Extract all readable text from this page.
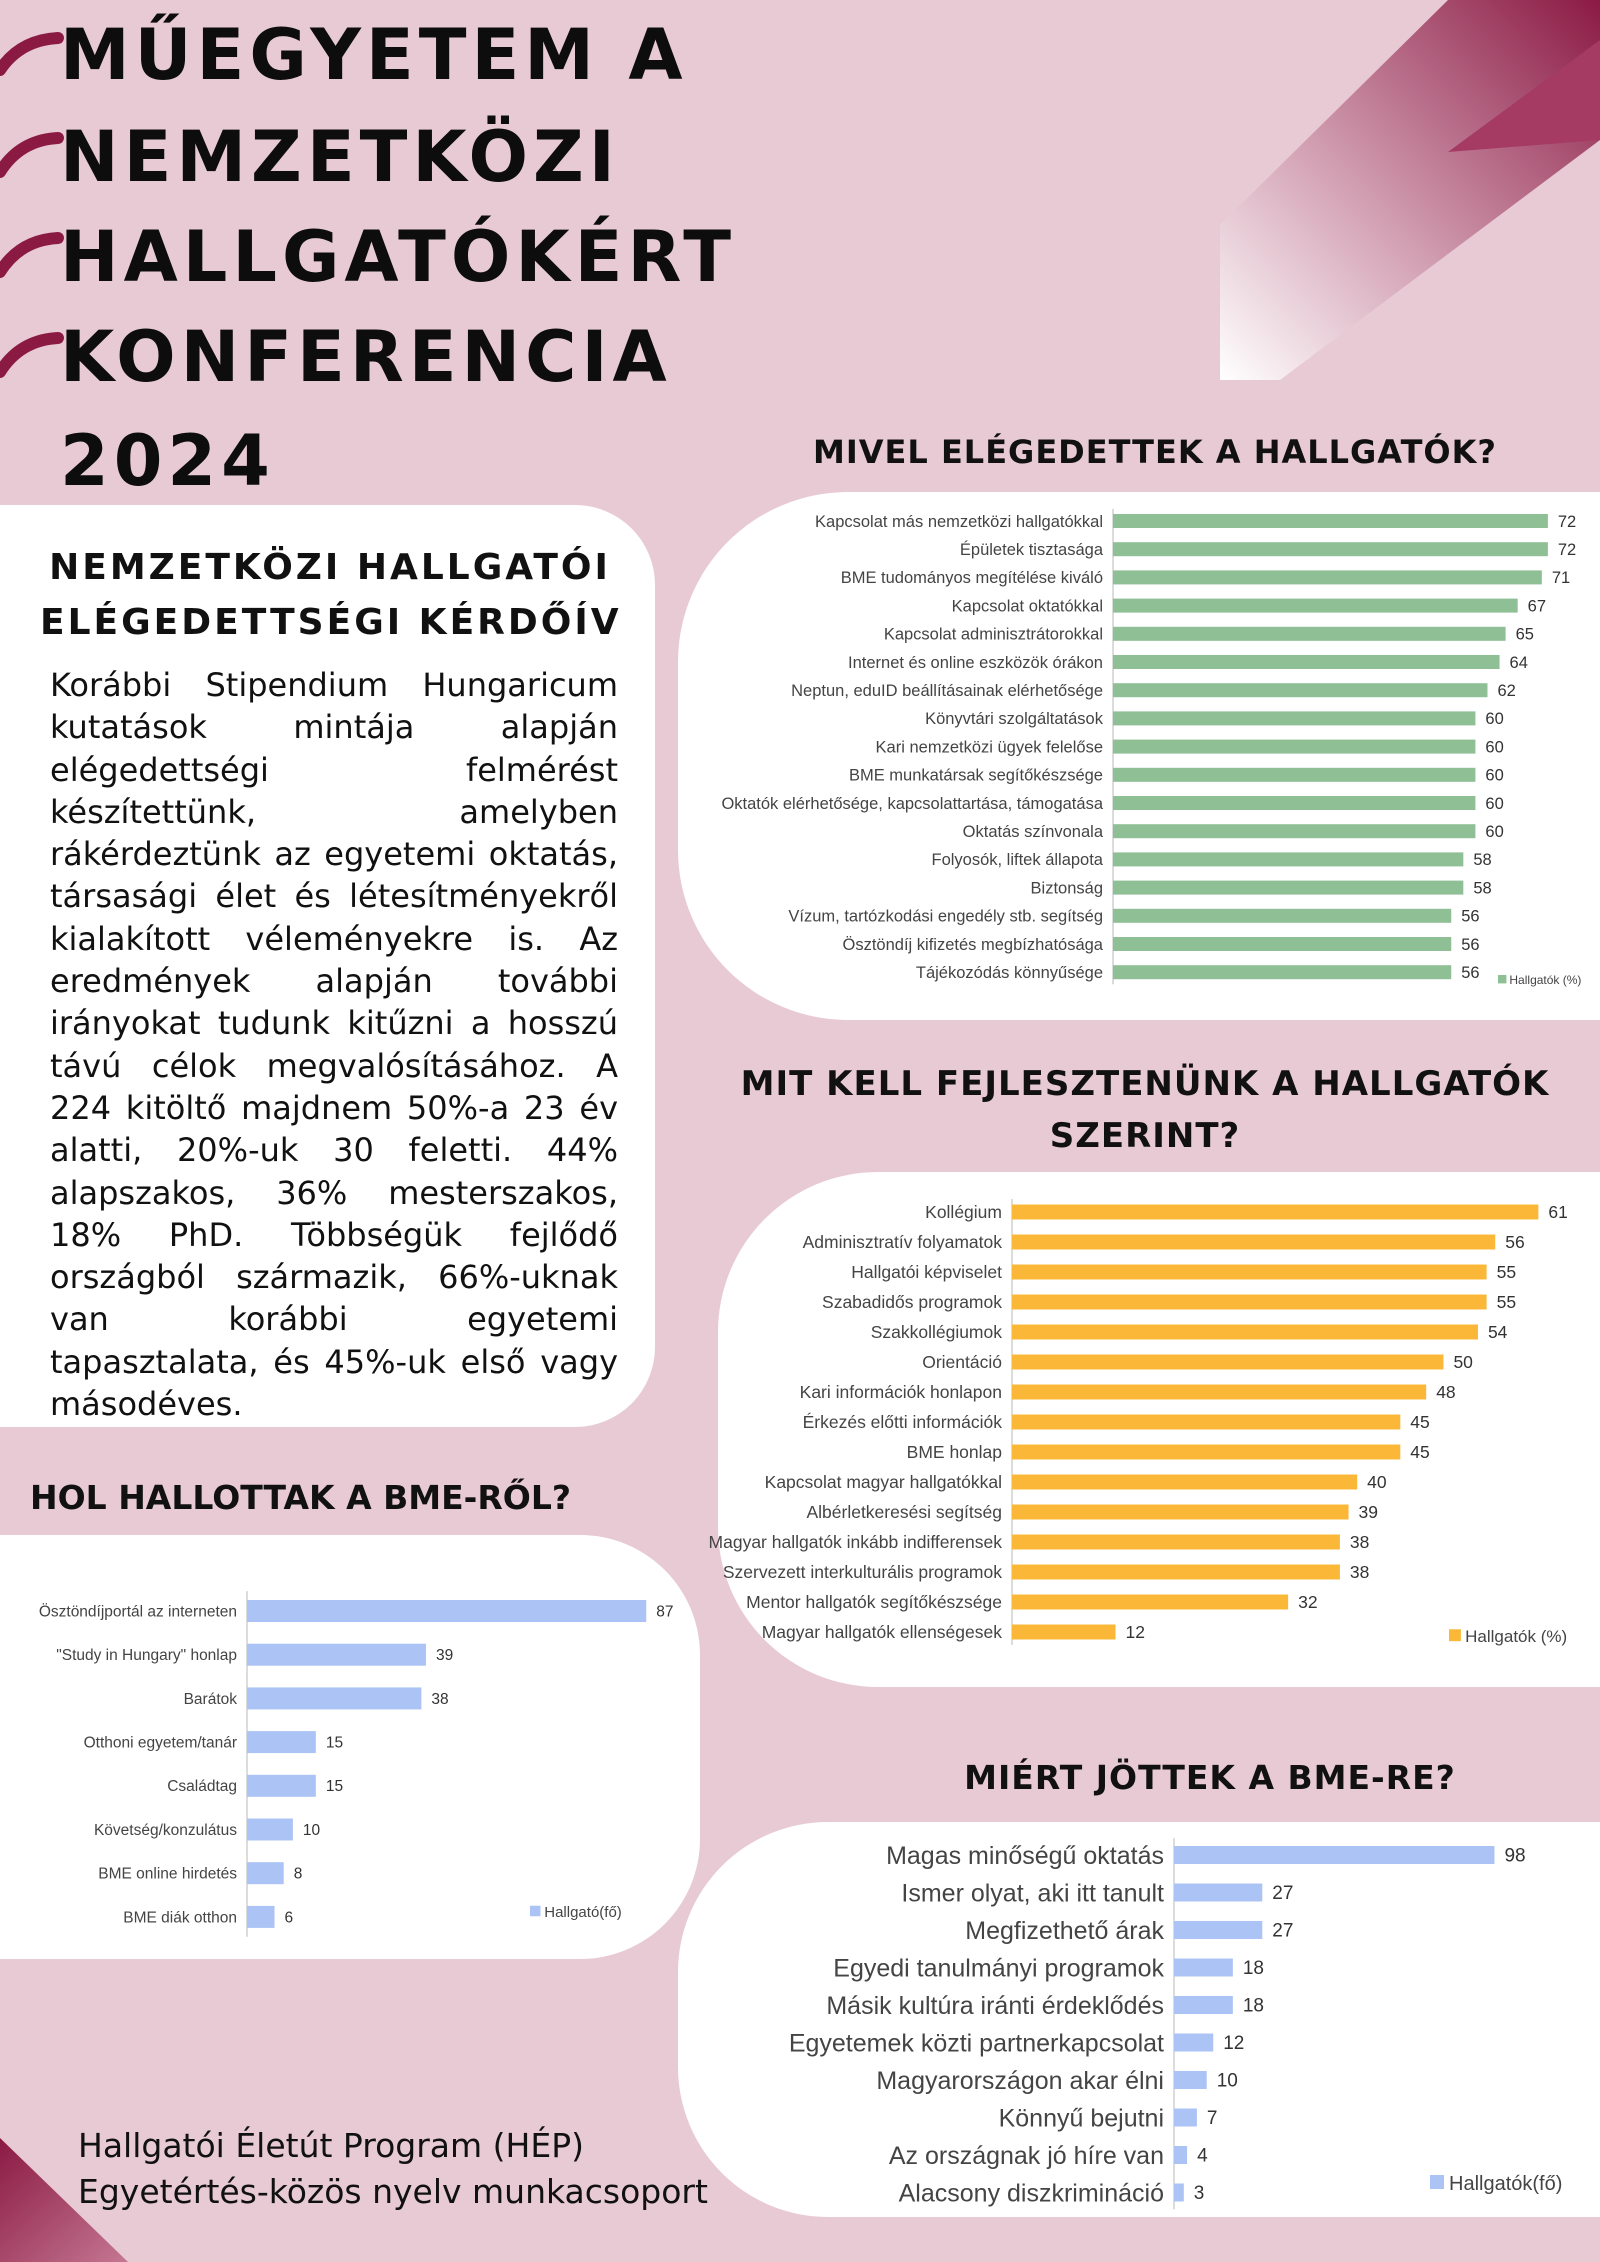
MŰEGYETEM A
NEMZETKÖZI
HALLGATÓKÉRT
KONFERENCIA
2024
NEMZETKÖZI HALLGATÓI
ELÉGEDETTSÉGI KÉRDŐÍV
Korábbi Stipendium Hungaricum kutatások mintája alapján elégedettségi felmérést készítettünk, amelyben rákérdeztünk az egyetemi oktatás, társasági élet és létesítményekről kialakított véleményekre is. Az eredmények alapján további irányokat tudunk kitűzni a hosszú távú célok megvalósításához. A 224 kitöltő majdnem 50%-a 23 év alatti, 20%-uk 30 feletti. 44% alapszakos, 36% mesterszakos, 18% PhD. Többségük fejlődő országból származik, 66%-uknak van korábbi egyetemi tapasztalata, és 45%-uk első vagy másodéves.
MIVEL ELÉGEDETTEK A HALLGATÓK?
MIT KELL FEJLESZTENÜNK A HALLGATÓK
SZERINT?
HOL HALLOTTAK A BME-RŐL?
MIÉRT JÖTTEK A BME-RE?
Kapcsolat más nemzetközi hallgatókkal	72
Épületek tisztasága	72
BME tudományos megítélése kiváló	71
Kapcsolat oktatókkal	67
Kapcsolat adminisztrátorokkal	65
Internet és online eszközök órákon	64
Neptun, eduID beállításainak elérhetősége	62
Könyvtári szolgáltatások	60
Kari nemzetközi ügyek felelőse	60
BME munkatársak segítőkészsége	60
Oktatók elérhetősége, kapcsolattartása, támogatása	60
Oktatás színvonala	60
Folyosók, liftek állapota	58
Biztonság	58
Vízum, tartózkodási engedély stb. segítség	56
Ösztöndíj kifizetés megbízhatósága	56
Tájékozódás könnyűsége	56 Hallgatók (%)
Kollégium	61
Adminisztratív folyamatok	56
Hallgatói képviselet	55
Szabadidős programok	55
Szakkollégiumok	54
Orientáció	50
Kari információk honlapon	48
Érkezés előtti információk	45
BME honlap	45
Kapcsolat magyar hallgatókkal	40
Albérletkeresési segítség	39
Magyar hallgatók inkább indifferensek	38
Szervezett interkulturális programok	38
Mentor hallgatók segítőkészsége	32
Magyar hallgatók ellenségesek	12	Hallgatók (%)
Ösztöndíjportál az interneten	87
"Study in Hungary" honlap	39
Barátok	38
Otthoni egyetem/tanár	15
Családtag	15
Követség/konzulátus	10
BME online hirdetés	8
BME diák otthon	6	Hallgató(fő)
Magas minőségű oktatás	98
Ismer olyat, aki itt tanult	27
Megfizethető árak	27
Egyedi tanulmányi programok	18
Másik kultúra iránti érdeklődés	18
Egyetemek közti partnerkapcsolat	12
Magyarországon akar élni	10
Könnyű bejutni 7
Az országnak jó híre van 4
Alacsony diszkrimináció 3	Hallgatók(fő)
Hallgatói Életút Program (HÉP)
Egyetértés-közös nyelv munkacsoport
